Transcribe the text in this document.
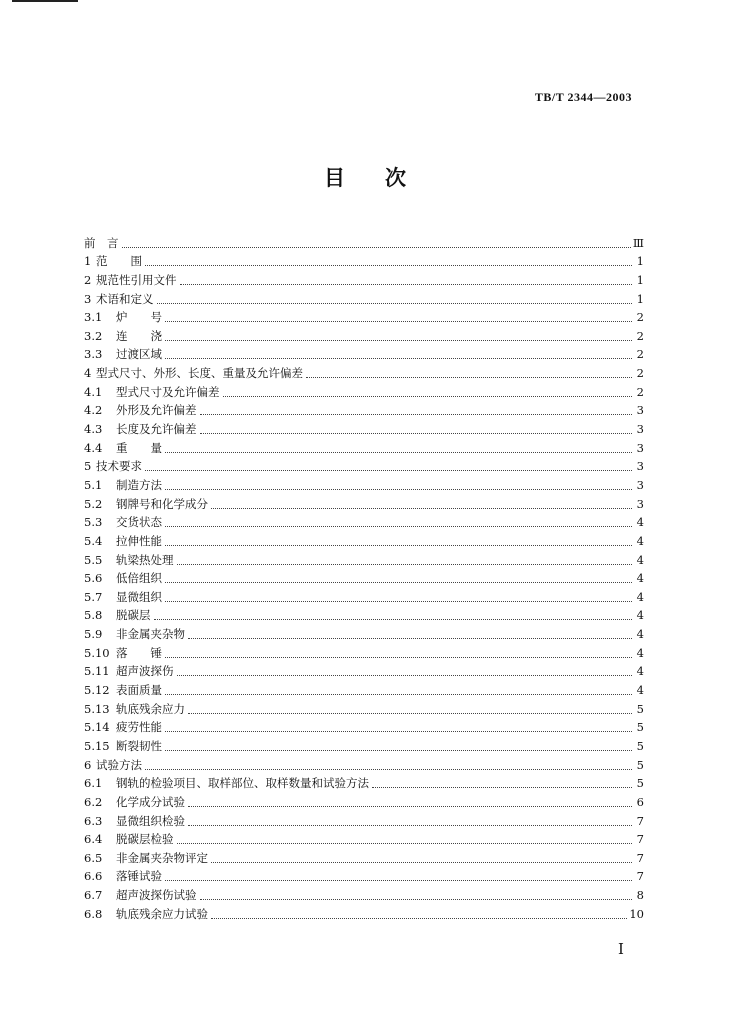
TB/T 2344—2003
目 次
前　言	Ⅲ
1 范　　围	1
2 规范性引用文件	1
3 术语和定义	1
3.1	炉　　号	2
3.2	连　　浇	2
3.3	过渡区域	2
4 型式尺寸、外形、长度、重量及允许偏差	2
4.1	型式尺寸及允许偏差	2
4.2	外形及允许偏差	3
4.3	长度及允许偏差	3
4.4	重　　量	3
5 技术要求	3
5.1	制造方法	3
5.2	钢牌号和化学成分	3
5.3	交货状态	4
5.4	拉伸性能	4
5.5	轨梁热处理	4
5.6	低倍组织	4
5.7	显微组织	4
5.8	脱碳层	4
5.9	非金属夹杂物	4
5.10 落　　锤	4
5.11 超声波探伤	4
5.12 表面质量	4
5.13 轨底残余应力	5
5.14 疲劳性能	5
5.15 断裂韧性	5
6 试验方法	5
6.1	钢轨的检验项目、取样部位、取样数量和试验方法	5
6.2	化学成分试验	6
6.3	显微组织检验	7
6.4	脱碳层检验	7
6.5	非金属夹杂物评定	7
6.6	落锤试验	7
6.7	超声波探伤试验	8
6.8	轨底残余应力试验	10
I
